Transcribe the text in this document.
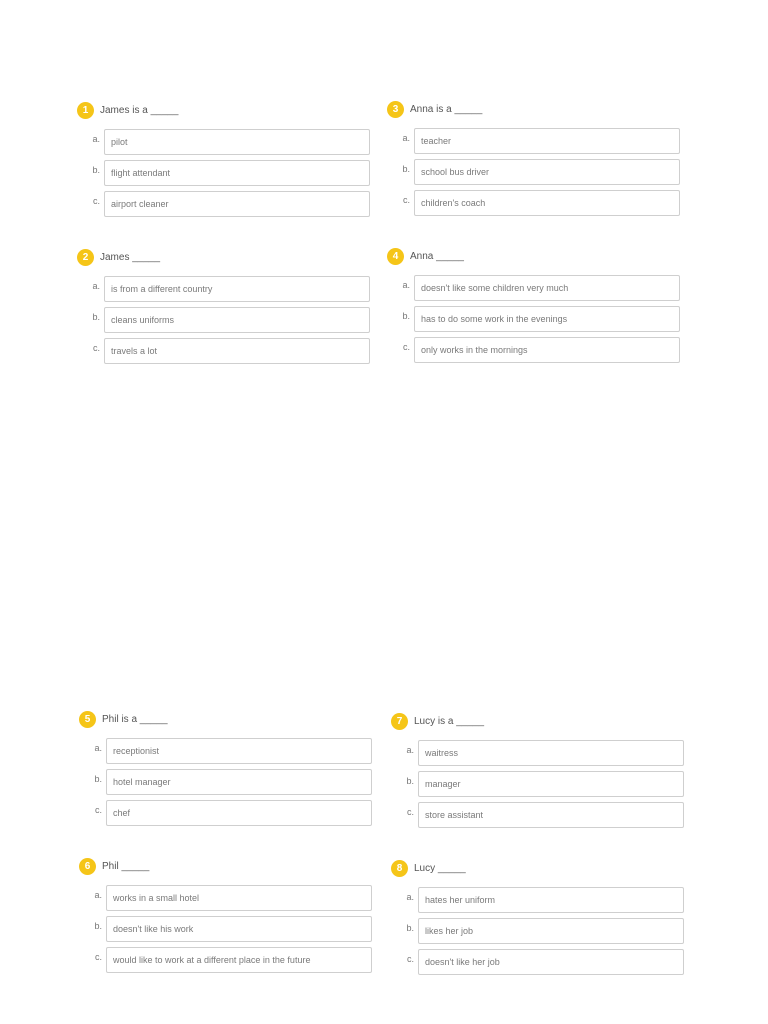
1	James is a _____
a.	pilot
b.	flight attendant
c.	airport cleaner
2	James _____
a.	is from a different country
b.	cleans uniforms
c.	travels a lot
3	Anna is a _____
a.	teacher
b.	school bus driver
c.	children's coach
4	Anna _____
a.	doesn't like some children very much
b.	has to do some work in the evenings
c.	only works in the mornings
5	Phil is a _____
a.	receptionist
b.	hotel manager
c.	chef
6	Phil _____
a.	works in a small hotel
b.	doesn't like his work
c.	would like to work at a different place in the future
7	Lucy is a _____
a.	waitress
b.	manager
c.	store assistant
8	Lucy _____
a.	hates her uniform
b.	likes her job
c.	doesn't like her job
